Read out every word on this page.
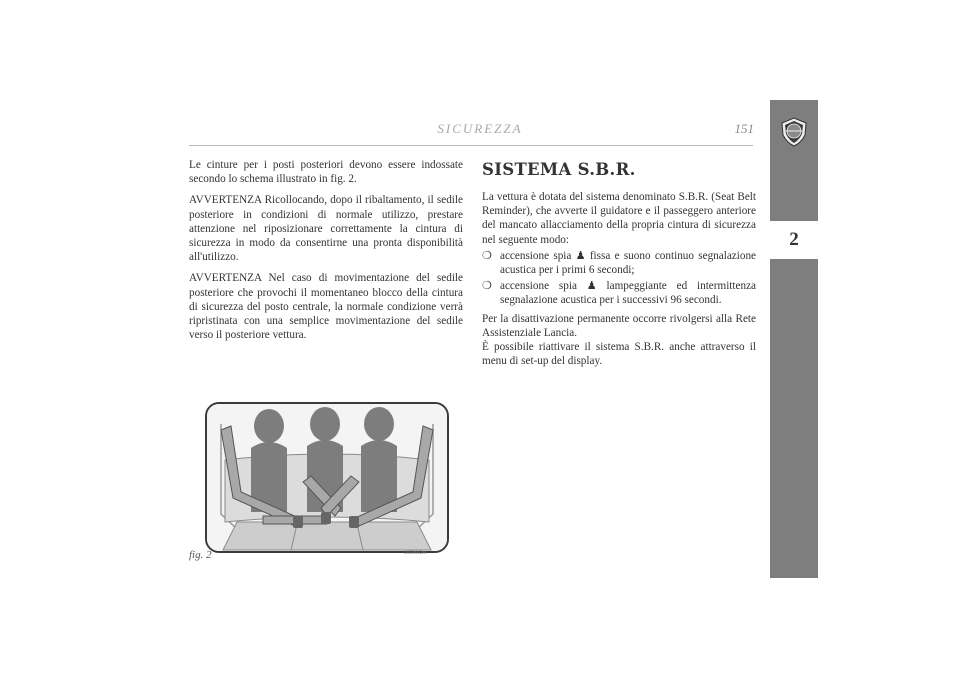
SICUREZZA	151

Le cinture per i posti posteriori devono essere indossate secondo lo schema illustrato in fig. 2.

AVVERTENZA Ricollocando, dopo il ribaltamento, il sedile posteriore in condizioni di normale utilizzo, prestare attenzione nel riposizionare correttamente la cintura di sicurezza in modo da consentirne una pronta disponibilità all'utilizzo.

AVVERTENZA Nel caso di movimentazione del sedile posteriore che provochi il momentaneo blocco della cintura di sicurezza del posto centrale, la normale condizione verrà ripristinata con una semplice movimentazione del sedile verso il posteriore vettura.

SISTEMA S.B.R.

La vettura è dotata del sistema denominato S.B.R. (Seat Belt Reminder), che avverte il guidatore e il passeggero anteriore del mancato allacciamento della propria cintura di sicurezza nel seguente modo:

❍ accensione spia ♟ fissa e suono continuo segnalazione acustica per i primi 6 secondi;
❍ accensione spia ♟ lampeggiante ed intermittenza segnalazione acustica per i successivi 96 secondi.

Per la disattivazione permanente occorre rivolgersi alla Rete Assistenziale Lancia.

È possibile riattivare il sistema S.B.R. anche attraverso il menu di set-up del display.

fig. 2	L0E0062m
2
